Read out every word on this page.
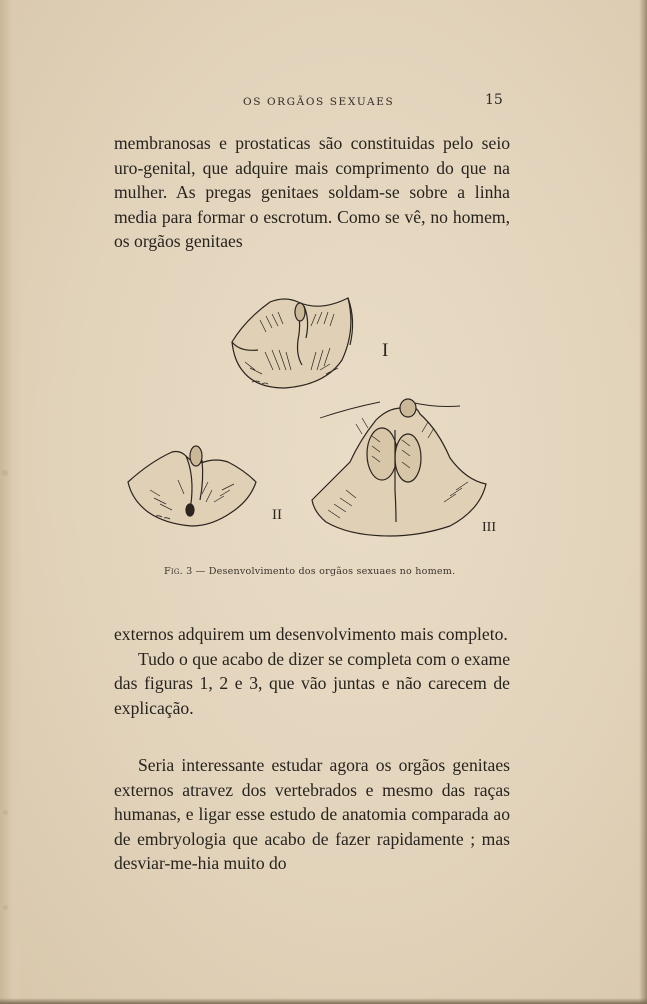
OS ORGÃOS SEXUAES	15

membranosas e prostaticas são constituidas pelo seio uro-genital, que adquire mais comprimento do que na mulher. As pregas genitaes soldam-se sobre a linha media para formar o escrotum. Como se vê, no homem, os orgãos genitaes

I
II
III
Fig. 3 — Desenvolvimento dos orgãos sexuaes no homem.

externos adquirem um desenvolvimento mais completo.

Tudo o que acabo de dizer se completa com o exame das figuras 1, 2 e 3, que vão juntas e não carecem de explicação.

Seria interessante estudar agora os orgãos genitaes externos atravez dos vertebrados e mesmo das raças humanas, e ligar esse estudo de anatomia comparada ao de embryologia que acabo de fazer rapidamente ; mas desviar-me-hia muito do
